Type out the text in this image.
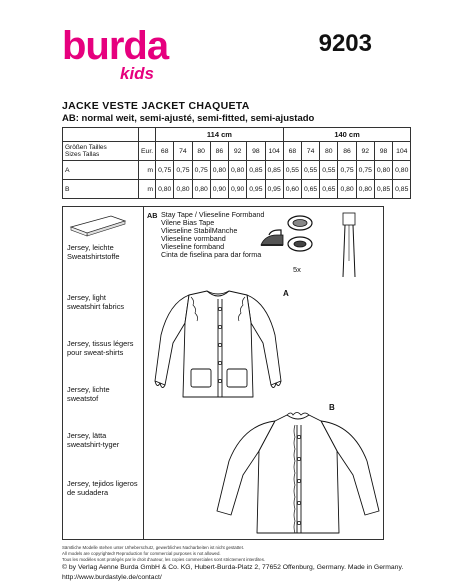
burda
kids
9203
JACKE VESTE JACKET CHAQUETA
AB: normal weit, semi-ajusté, semi-fitted, semi-ajustado
		114 cm							140 cm						

Größen Tailles
Sizes Tallas	Eur.	68	74	80	86	92	98	104	68	74	80	86	92	98	104
A	m	0,75	0,75	0,75	0,80	0,80	0,85	0,85	0,55	0,55	0,55	0,75	0,75	0,80	0,80
B	m	0,80	0,80	0,80	0,90	0,90	0,95	0,95	0,60	0,65	0,65	0,80	0,80	0,85	0,85
Jersey, leichte
Sweatshirtstoffe
Jersey, light
sweatshirt fabrics
Jersey, tissus légers
pour sweat-shirts
Jersey, lichte
sweatstof
Jersey, lätta
sweatshirt-tyger
Jersey, tejidos ligeros
de sudadera
AB Stay Tape / Vlieseline Formband
Vilene Bias Tape
Vlieseline StabilManche
Vlieseline vormband
Vlieseline formband
Cinta de fiselina para dar forma
5x
A
B
Sämtliche Modelle stehen unter Urheberschutz, gewerbliches Nacharbeiten ist nicht gestattet.
All models are copyrighted! Reproduction for commercial purposes is not allowed.
Tous les modèles sont protégés par le droit d'auteur, les copies commerciales sont strictement interdites.
© by Verlag Aenne Burda GmbH & Co. KG, Hubert-Burda-Platz 2, 77652 Offenburg, Germany. Made in Germany.
http://www.burdastyle.de/contact/
